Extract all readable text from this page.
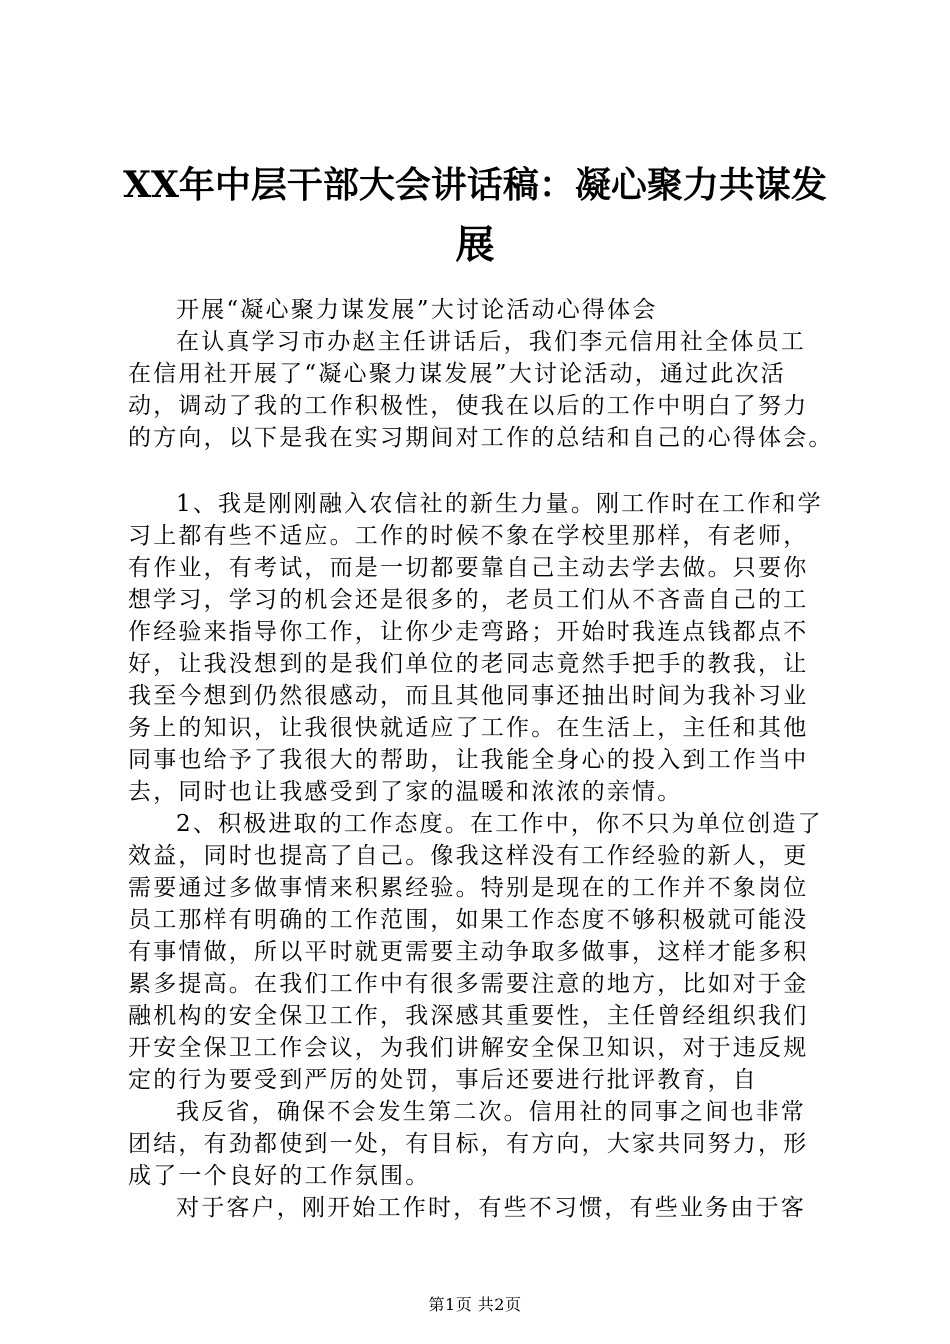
XX年中层干部大会讲话稿：凝心聚力共谋发
展
开展“凝心聚力谋发展”大讨论活动心得体会
在认真学习市办赵主任讲话后，我们李元信用社全体员工
在信用社开展了“凝心聚力谋发展”大讨论活动，通过此次活
动，调动了我的工作积极性，使我在以后的工作中明白了努力
的方向，以下是我在实习期间对工作的总结和自己的心得体会。
1、我是刚刚融入农信社的新生力量。刚工作时在工作和学
习上都有些不适应。工作的时候不象在学校里那样，有老师，
有作业，有考试，而是一切都要靠自己主动去学去做。只要你
想学习，学习的机会还是很多的，老员工们从不吝啬自己的工
作经验来指导你工作，让你少走弯路；开始时我连点钱都点不
好，让我没想到的是我们单位的老同志竟然手把手的教我，让
我至今想到仍然很感动，而且其他同事还抽出时间为我补习业
务上的知识，让我很快就适应了工作。在生活上，主任和其他
同事也给予了我很大的帮助，让我能全身心的投入到工作当中
去，同时也让我感受到了家的温暖和浓浓的亲情。
2、积极进取的工作态度。在工作中，你不只为单位创造了
效益，同时也提高了自己。像我这样没有工作经验的新人，更
需要通过多做事情来积累经验。特别是现在的工作并不象岗位
员工那样有明确的工作范围，如果工作态度不够积极就可能没
有事情做，所以平时就更需要主动争取多做事，这样才能多积
累多提高。在我们工作中有很多需要注意的地方，比如对于金
融机构的安全保卫工作，我深感其重要性，主任曾经组织我们
开安全保卫工作会议，为我们讲解安全保卫知识，对于违反规
定的行为要受到严厉的处罚，事后还要进行批评教育，自
我反省，确保不会发生第二次。信用社的同事之间也非常
团结，有劲都使到一处，有目标，有方向，大家共同努力，形
成了一个良好的工作氛围。
对于客户，刚开始工作时，有些不习惯，有些业务由于客
第1页 共2页
